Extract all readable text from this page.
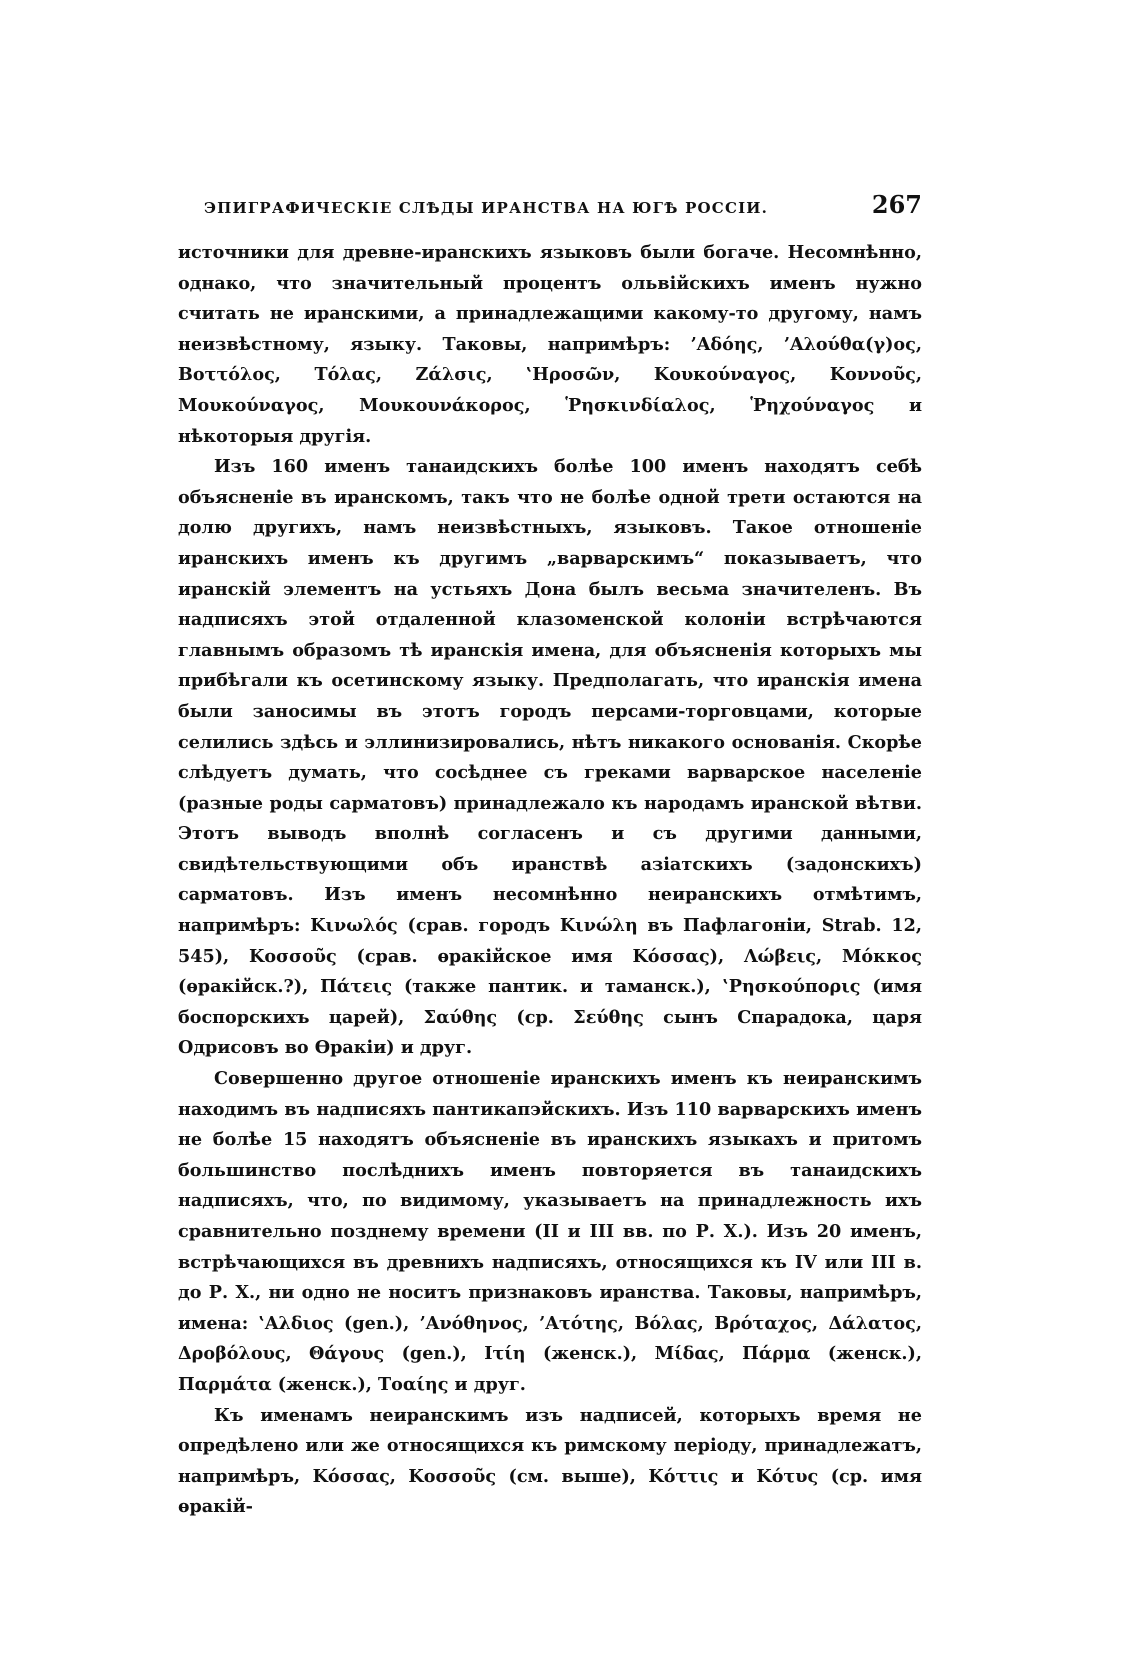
ЭПИГРАФИЧЕСКІЕ СЛѢДЫ ИРАНСТВА НА ЮГѢ РОССІИ.	267

источники для древне-иранскихъ языковъ были богаче. Несомнѣнно, однако, что значительный процентъ ольвійскихъ именъ нужно считать не иранскими, а принадлежащими какому-то другому, намъ неизвѣстному, языку. Таковы, напримѣръ: ’Αδόης, ’Αλούθα(γ)ος, Βοττόλος, Τόλας, Ζάλσις, ‛Ηροσῶν, Κουκούναγος, Κοννοῦς, Μουκούναγος, Μουκουνάκορος, Ῥησκινδίαλος, Ῥηχούναγος и нѣкоторыя другія.

Изъ 160 именъ танаидскихъ болѣе 100 именъ находятъ себѣ объясненіе въ иранскомъ, такъ что не болѣе одной трети остаются на долю другихъ, намъ неизвѣстныхъ, языковъ. Такое отношеніе иранскихъ именъ къ другимъ „варварскимъ“ показываетъ, что иранскій элементъ на устьяхъ Дона былъ весьма значителенъ. Въ надписяхъ этой отдаленной клазоменской колоніи встрѣчаются главнымъ образомъ тѣ иранскія имена, для объясненія которыхъ мы прибѣгали къ осетинскому языку. Предполагать, что иранскія имена были заносимы въ этотъ городъ персами-торговцами, которые селились здѣсь и эллинизировались, нѣтъ никакого основанія. Скорѣе слѣдуетъ думать, что сосѣднее съ греками варварское населеніе (разные роды сарматовъ) принадлежало къ народамъ иранской вѣтви. Этотъ выводъ вполнѣ согласенъ и съ другими данными, свидѣтельствующими объ иранствѣ азіатскихъ (задонскихъ) сарматовъ. Изъ именъ несомнѣнно неиранскихъ отмѣтимъ, напримѣръ: Κινωλός (срав. городъ Κινώλη въ Пафлагоніи, Strab. 12, 545), Κοσσοῦς (срав. ѳракійское имя Κόσσας), Λώβεις, Μόκκος (ѳракійск.?), Πάτεις (также пантик. и таманск.), ‛Ρησκούπορις (имя боспорскихъ царей), Σαύθης (ср. Σεύθης сынъ Спарадока, царя Одрисовъ во Ѳракіи) и друг.

Совершенно другое отношеніе иранскихъ именъ къ неиранскимъ находимъ въ надписяхъ пантикапэйскихъ. Изъ 110 варварскихъ именъ не болѣе 15 находятъ объясненіе въ иранскихъ языкахъ и притомъ большинство послѣднихъ именъ повторяется въ танаидскихъ надписяхъ, что, по видимому, указываетъ на принадлежность ихъ сравнительно позднему времени (II и III вв. по Р. Х.). Изъ 20 именъ, встрѣчающихся въ древнихъ надписяхъ, относящихся къ IV или III в. до Р. Х., ни одно не носитъ признаковъ иранства. Таковы, напримѣръ, имена: ‛Αλδιος (gen.), ’Ανόθηνος, ’Ατότης, Βόλας, Βρόταχος, Δάλατος, Δροβόλους, Θάγους (gen.), Ιτίη (женск.), Μίδας, Πάρμα (женск.), Παρμάτα (женск.), Τοαίης и друг.

Къ именамъ неиранскимъ изъ надписей, которыхъ время не опредѣлено или же относящихся къ римскому періоду, принадлежатъ, напримѣръ, Κόσσας, Κοσσοῦς (см. выше), Κόττις и Κότυς (ср. имя ѳракій-
